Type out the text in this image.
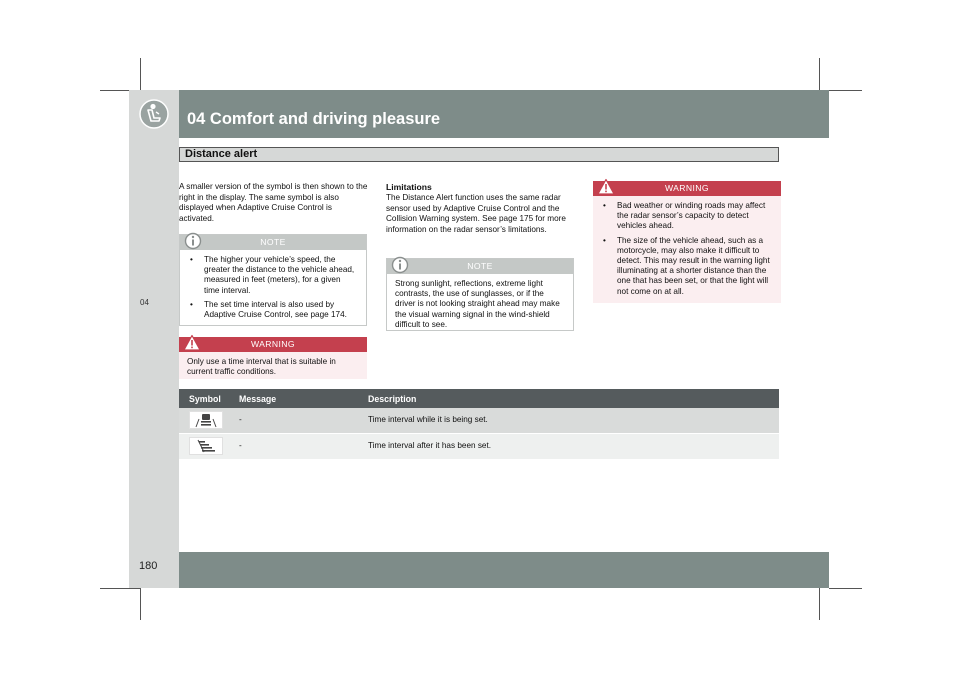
04 Comfort and driving pleasure
Distance alert
04
A smaller version of the symbol is then shown to the right in the display. The same symbol is also displayed when Adaptive Cruise Control is activated.
NOTE
• The higher your vehicle’s speed, the greater the distance to the vehicle ahead, measured in feet (meters), for a given time interval.
• The set time interval is also used by Adaptive Cruise Control, see page 174.
WARNING
Only use a time interval that is suitable in current traffic conditions.
Limitations
The Distance Alert function uses the same radar sensor used by Adaptive Cruise Control and the Collision Warning system. See page 175 for more information on the radar sensor’s limitations.
NOTE
Strong sunlight, reflections, extreme light contrasts, the use of sunglasses, or if the driver is not looking straight ahead may make the visual warning signal in the wind-shield difficult to see.
WARNING
• Bad weather or winding roads may affect the radar sensor’s capacity to detect vehicles ahead.
• The size of the vehicle ahead, such as a motorcycle, may also make it difficult to detect. This may result in the warning light illuminating at a shorter distance than the one that has been set, or that the light will not come on at all.
Symbol Message	Description
-	Time interval while it is being set.
-	Time interval after it has been set.
180
